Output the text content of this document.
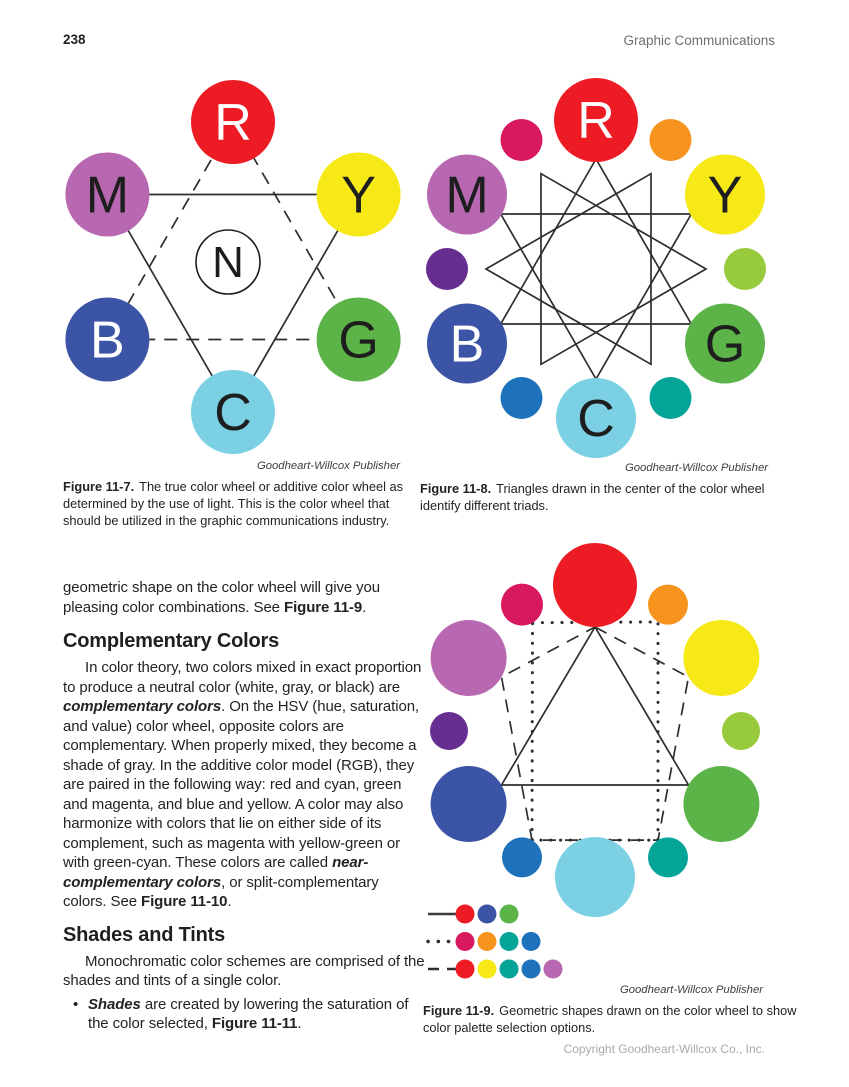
238	Graphic Communications
N
R
Y
G
C
B
M
Goodheart-Willcox Publisher
Figure 11-7. The true color wheel or additive color wheel as determined by the use of light. This is the color wheel that should be utilized in the graphic communications industry.
R
Y
G
C
B
M
Goodheart-Willcox Publisher
Figure 11-8. Triangles drawn in the center of the color wheel identify different triads.

geometric shape on the color wheel will give you pleasing color combinations. See Figure 11-9.

Complementary Colors

In color theory, two colors mixed in exact proportion to produce a neutral color (white, gray, or black) are complementary colors. On the HSV (hue, saturation, and value) color wheel, opposite colors are complementary. When properly mixed, they become a shade of gray. In the additive color model (RGB), they are paired in the following way: red and cyan, green and magenta, and blue and yellow. A color may also harmonize with colors that lie on either side of its complement, such as magenta with yellow-green or with green-cyan. These colors are called near-complementary colors, or split-complementary colors. See Figure 11-10.

Shades and Tints

Monochromatic color schemes are comprised of the shades and tints of a single color.

• Shades are created by lowering the saturation of the color selected, Figure 11-11.
Goodheart-Willcox Publisher
Figure 11-9. Geometric shapes drawn on the color wheel to show color palette selection options.
Copyright Goodheart-Willcox Co., Inc.
